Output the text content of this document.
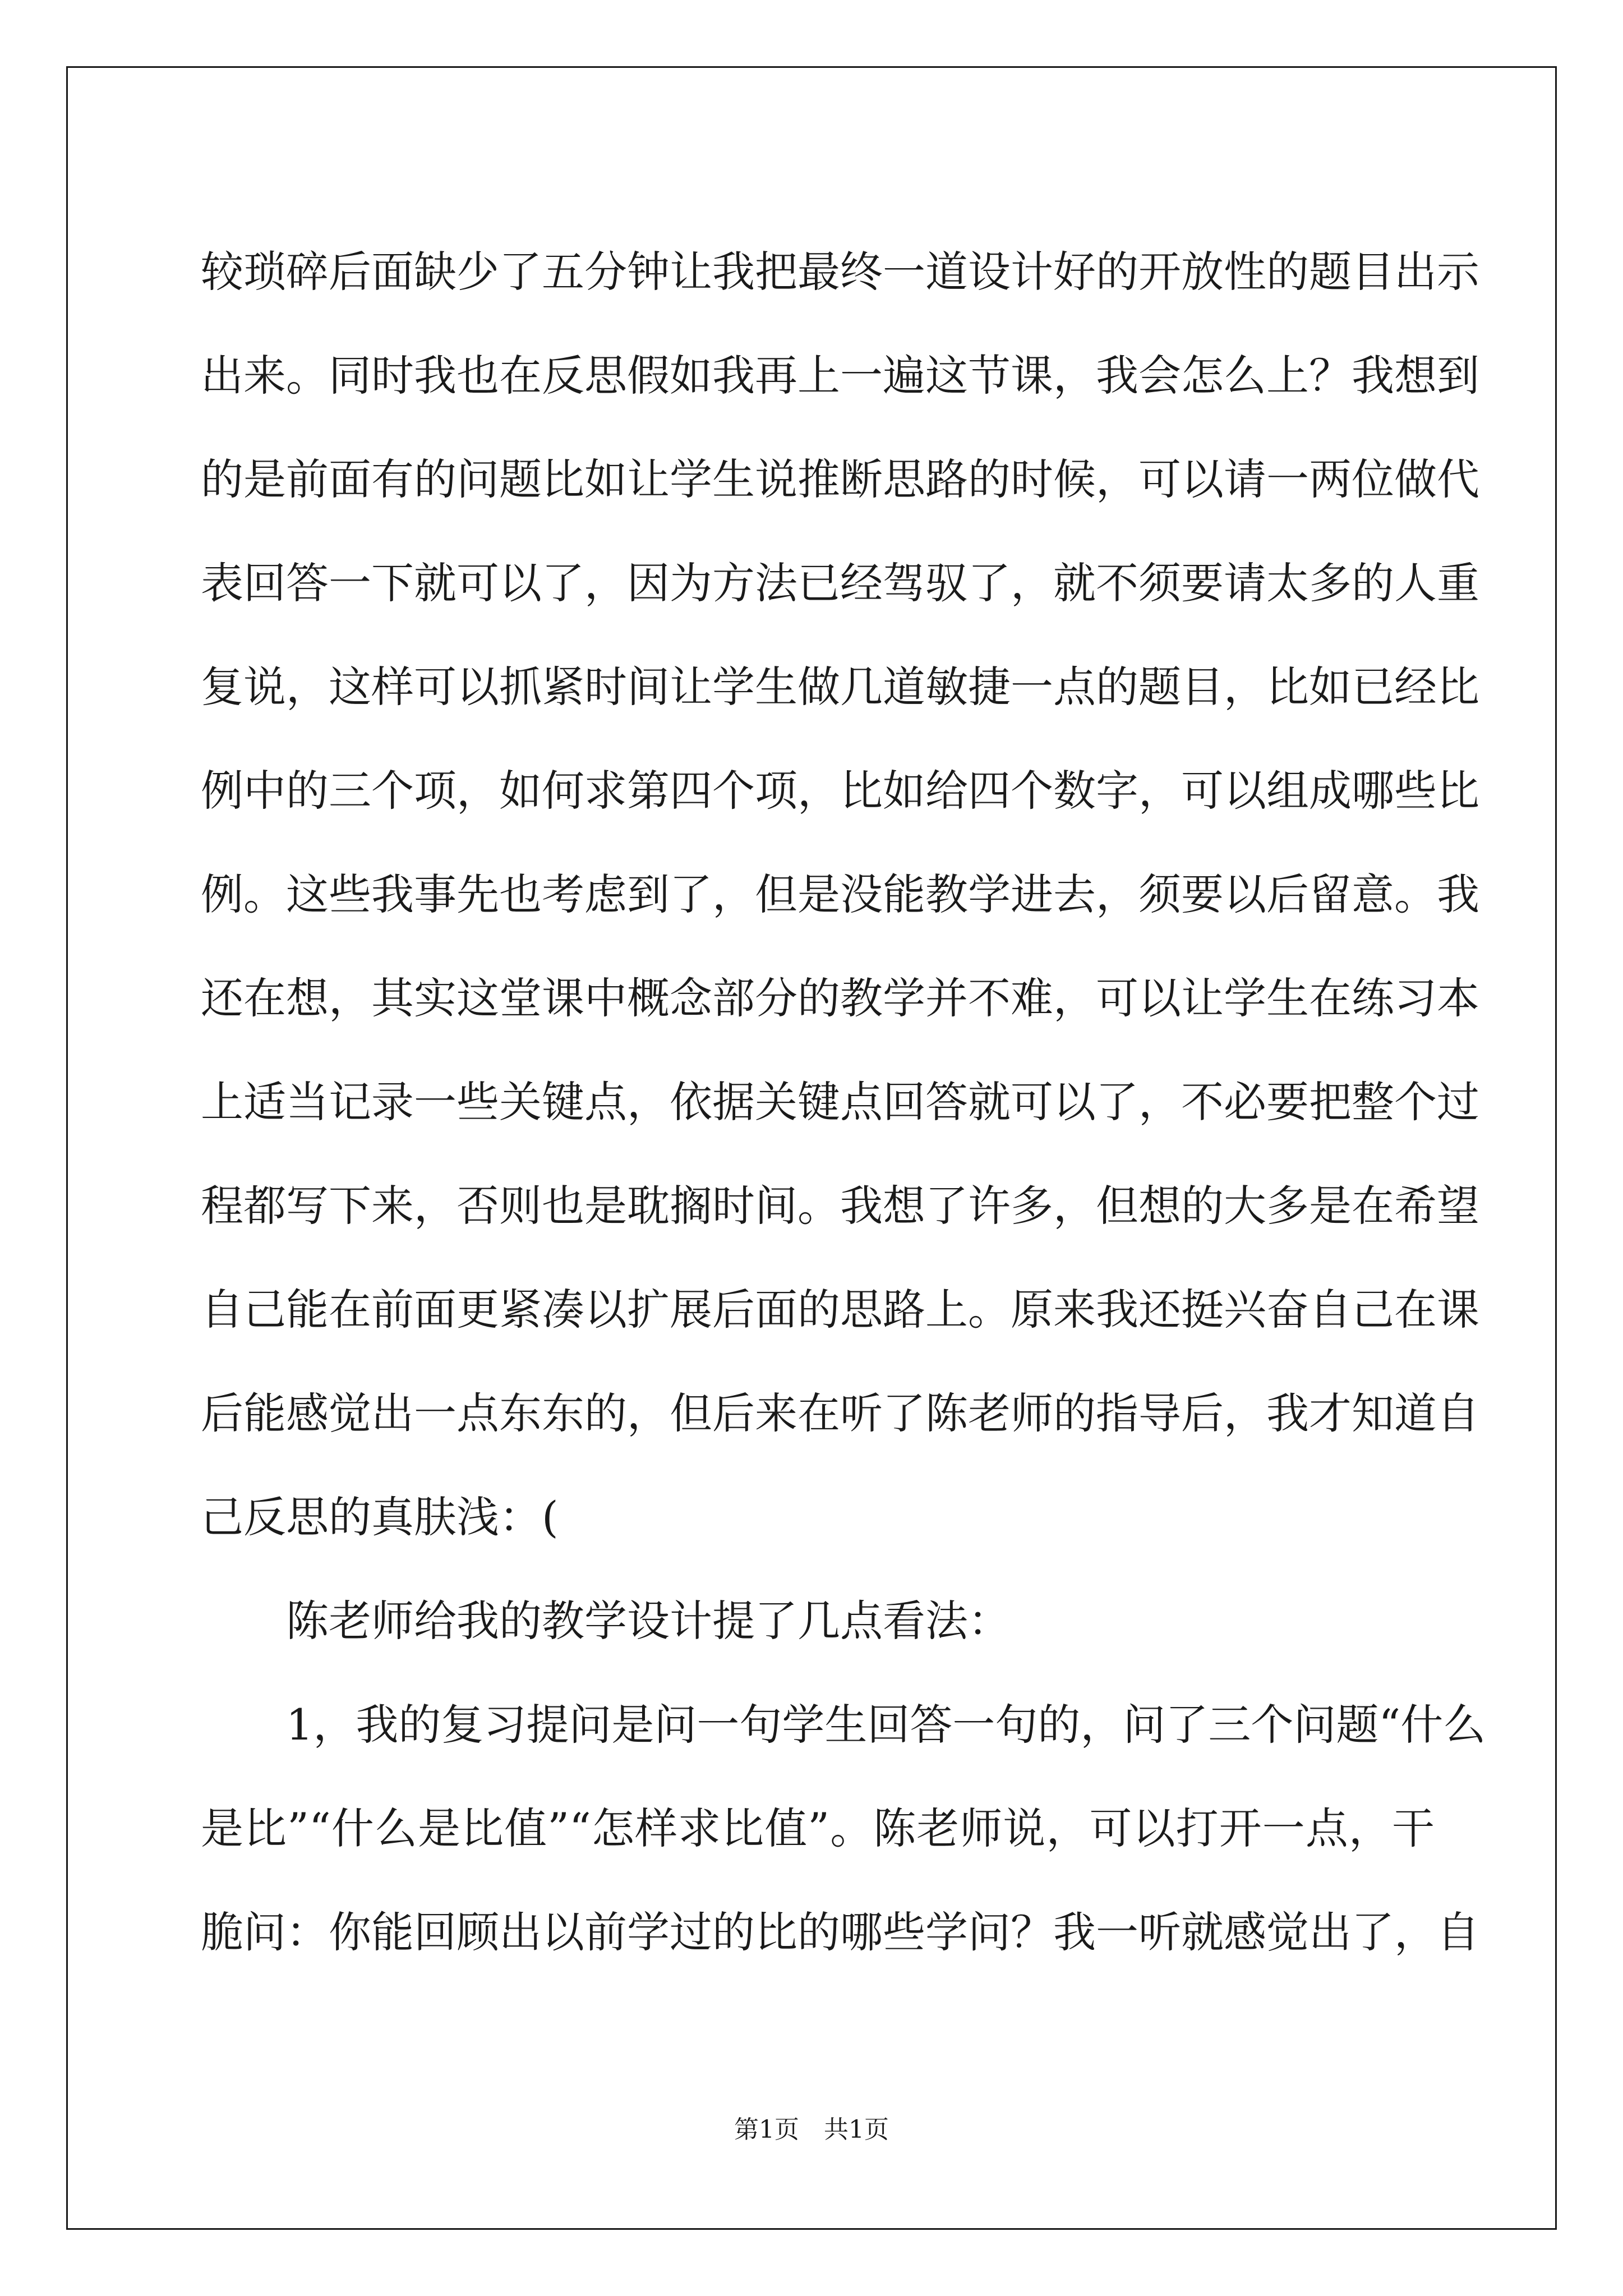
较琐碎后面缺少了五分钟让我把最终一道设计好的开放性的题目出示
出来。同时我也在反思假如我再上一遍这节课，我会怎么上？我想到
的是前面有的问题比如让学生说推断思路的时候，可以请一两位做代
表回答一下就可以了，因为方法已经驾驭了，就不须要请太多的人重
复说，这样可以抓紧时间让学生做几道敏捷一点的题目，比如已经比
例中的三个项，如何求第四个项，比如给四个数字，可以组成哪些比
例。这些我事先也考虑到了，但是没能教学进去，须要以后留意。我
还在想，其实这堂课中概念部分的教学并不难，可以让学生在练习本
上适当记录一些关键点，依据关键点回答就可以了，不必要把整个过
程都写下来，否则也是耽搁时间。我想了许多，但想的大多是在希望
自己能在前面更紧凑以扩展后面的思路上。原来我还挺兴奋自己在课
后能感觉出一点东东的，但后来在听了陈老师的指导后，我才知道自
己反思的真肤浅：(
陈老师给我的教学设计提了几点看法：
1，我的复习提问是问一句学生回答一句的，问了三个问题“什么
是比”“什么是比值”“怎样求比值”。陈老师说，可以打开一点，干
脆问：你能回顾出以前学过的比的哪些学问？我一听就感觉出了，自
第1页 共1页
